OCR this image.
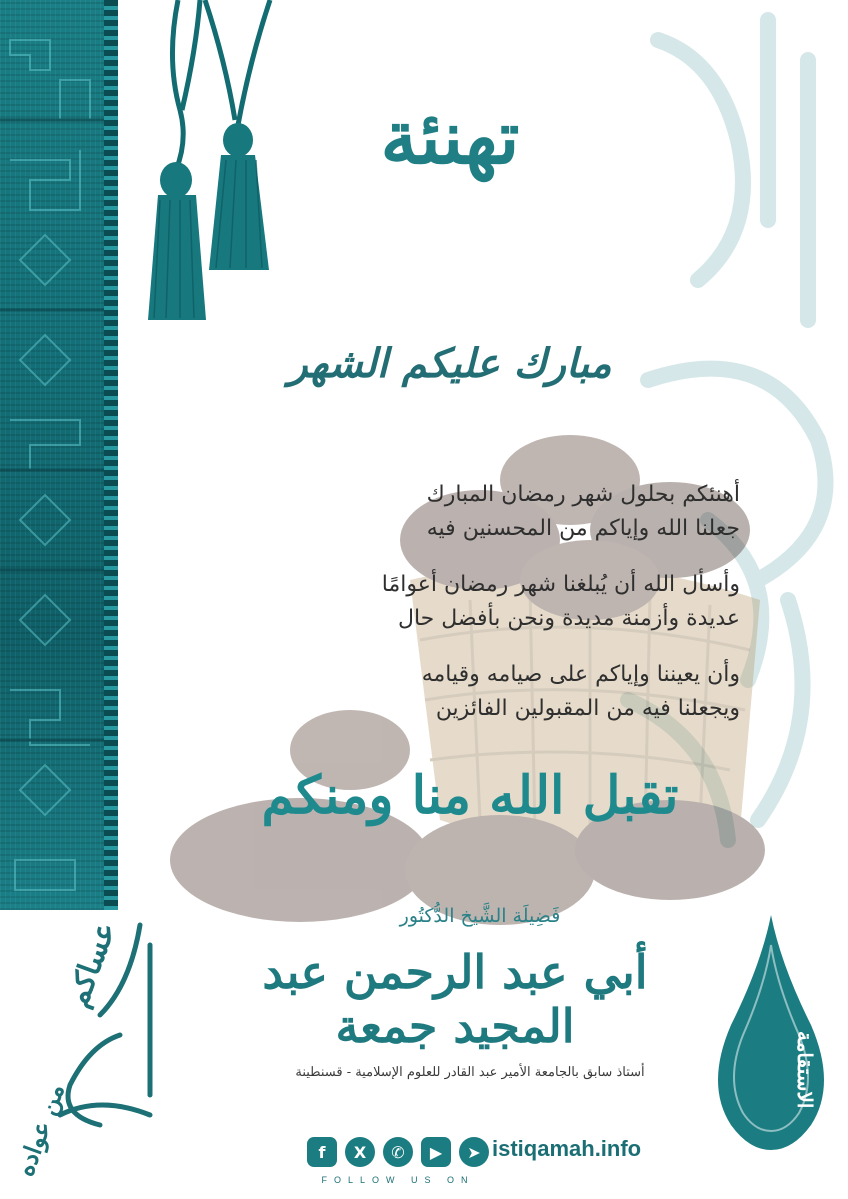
تهنئة
مبارك عليكم الشهر
أهنئكم بحلول شهر رمضان المبارك
جعلنا الله وإياكم من المحسنين فيه
وأسأل الله أن يُبلغنا شهر رمضان أعوامًا
عديدة وأزمنة مديدة ونحن بأفضل حال
وأن يعيننا وإياكم على صيامه وقيامه
ويجعلنا فيه من المقبولين الفائزين
تقبل الله منا ومنكم
فَضِيلَة الشَّيخ الدُّكتُور
أبي عبد الرحمن عبد المجيد جمعة
أستاذ سابق بالجامعة الأمير عبد القادر للعلوم الإسلامية - قسنطينة
عساكم
من عواده
الاستقامة
f	X	✆	▶	➤ istiqamah.info
FOLLOW US ON
